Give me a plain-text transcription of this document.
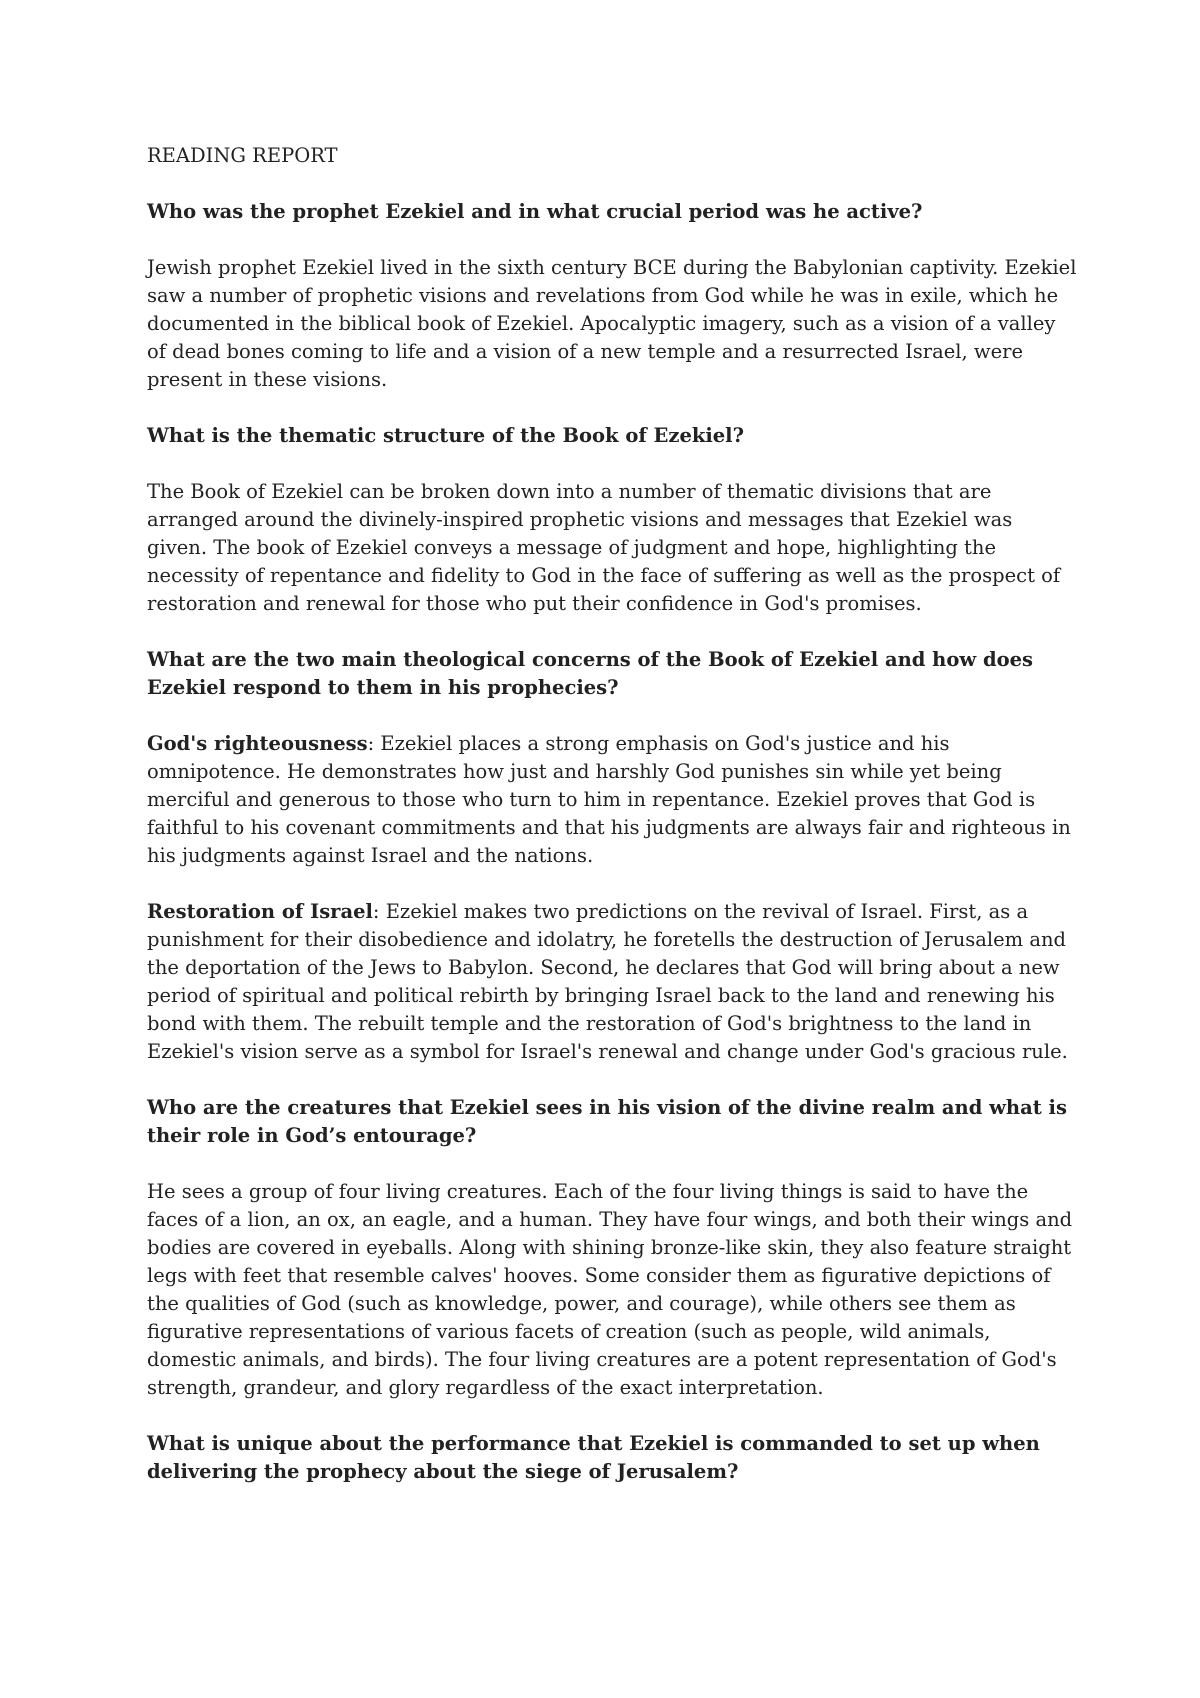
READING REPORT
Who was the prophet Ezekiel and in what crucial period was he active?
Jewish prophet Ezekiel lived in the sixth century BCE during the Babylonian captivity. Ezekiel saw a number of prophetic visions and revelations from God while he was in exile, which he documented in the biblical book of Ezekiel. Apocalyptic imagery, such as a vision of a valley of dead bones coming to life and a vision of a new temple and a resurrected Israel, were present in these visions.
What is the thematic structure of the Book of Ezekiel?
The Book of Ezekiel can be broken down into a number of thematic divisions that are arranged around the divinely-inspired prophetic visions and messages that Ezekiel was given. The book of Ezekiel conveys a message of judgment and hope, highlighting the necessity of repentance and fidelity to God in the face of suffering as well as the prospect of restoration and renewal for those who put their confidence in God's promises.
What are the two main theological concerns of the Book of Ezekiel and how does Ezekiel respond to them in his prophecies?
God's righteousness: Ezekiel places a strong emphasis on God's justice and his omnipotence. He demonstrates how just and harshly God punishes sin while yet being merciful and generous to those who turn to him in repentance. Ezekiel proves that God is faithful to his covenant commitments and that his judgments are always fair and righteous in his judgments against Israel and the nations.
Restoration of Israel: Ezekiel makes two predictions on the revival of Israel. First, as a punishment for their disobedience and idolatry, he foretells the destruction of Jerusalem and the deportation of the Jews to Babylon. Second, he declares that God will bring about a new period of spiritual and political rebirth by bringing Israel back to the land and renewing his bond with them. The rebuilt temple and the restoration of God's brightness to the land in Ezekiel's vision serve as a symbol for Israel's renewal and change under God's gracious rule.
Who are the creatures that Ezekiel sees in his vision of the divine realm and what is their role in God’s entourage?
He sees a group of four living creatures. Each of the four living things is said to have the faces of a lion, an ox, an eagle, and a human. They have four wings, and both their wings and bodies are covered in eyeballs. Along with shining bronze-like skin, they also feature straight legs with feet that resemble calves' hooves. Some consider them as figurative depictions of the qualities of God (such as knowledge, power, and courage), while others see them as figurative representations of various facets of creation (such as people, wild animals, domestic animals, and birds). The four living creatures are a potent representation of God's strength, grandeur, and glory regardless of the exact interpretation.
What is unique about the performance that Ezekiel is commanded to set up when delivering the prophecy about the siege of Jerusalem?
